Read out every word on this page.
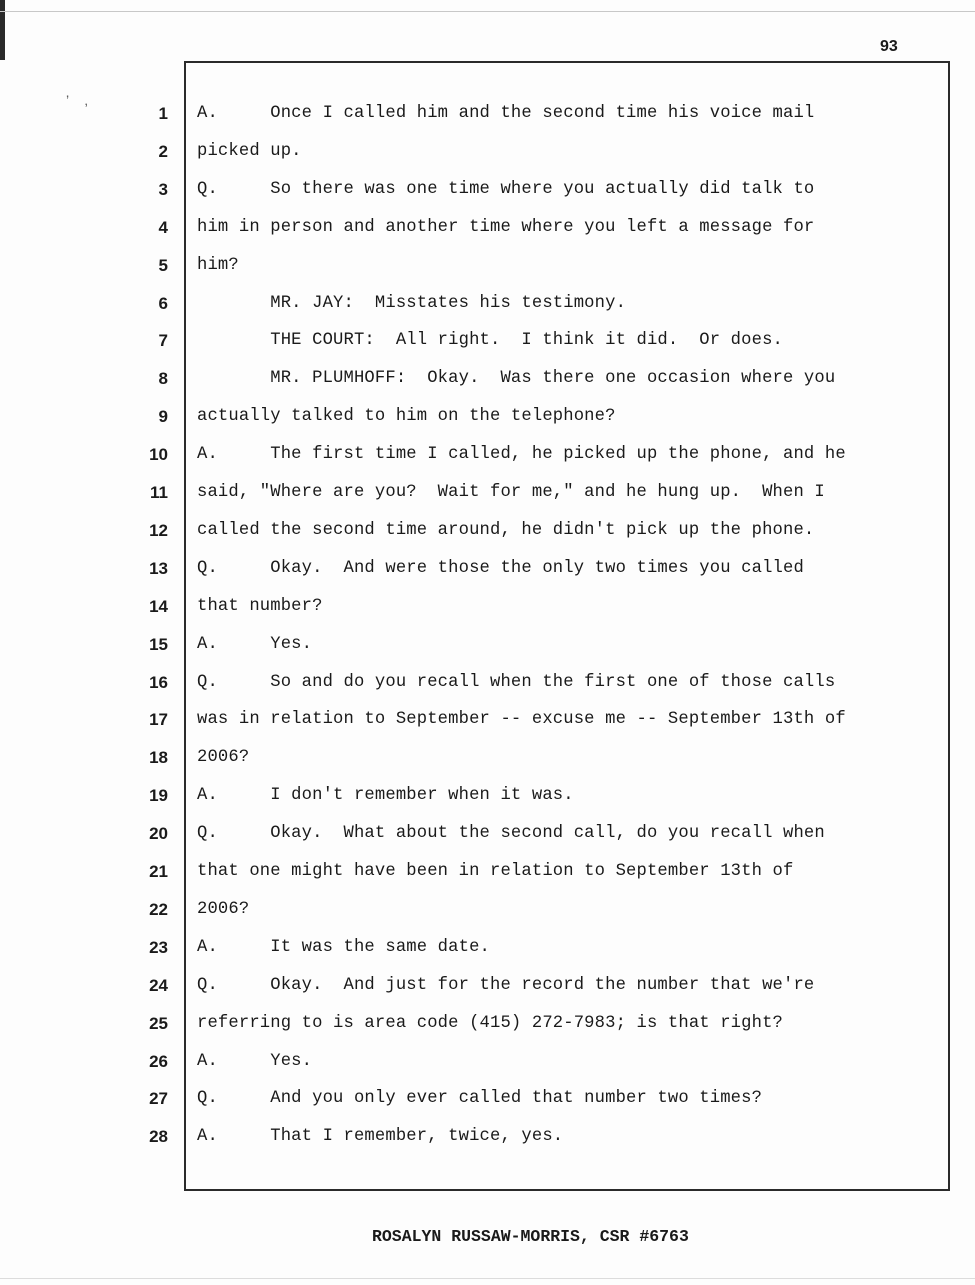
93
’    ‚
1 A.     Once I called him and the second time his voice mail
2 picked up.
3 Q.     So there was one time where you actually did talk to
4 him in person and another time where you left a message for
5 him?
6 MR. JAY:  Misstates his testimony.
7 THE COURT:  All right.  I think it did.  Or does.
8 MR. PLUMHOFF:  Okay.  Was there one occasion where you
9 actually talked to him on the telephone?
10 A.     The first time I called, he picked up the phone, and he
11 said, "Where are you?  Wait for me," and he hung up.  When I
12 called the second time around, he didn't pick up the phone.
13 Q.     Okay.  And were those the only two times you called
14 that number?
15 A.     Yes.
16 Q.     So and do you recall when the first one of those calls
17 was in relation to September -- excuse me -- September 13th of
18 2006?
19 A.     I don't remember when it was.
20 Q.     Okay.  What about the second call, do you recall when
21 that one might have been in relation to September 13th of
22 2006?
23 A.     It was the same date.
24 Q.     Okay.  And just for the record the number that we're
25 referring to is area code (415) 272-7983; is that right?
26 A.     Yes.
27 Q.     And you only ever called that number two times?
28 A.     That I remember, twice, yes.
ROSALYN RUSSAW-MORRIS, CSR #6763
